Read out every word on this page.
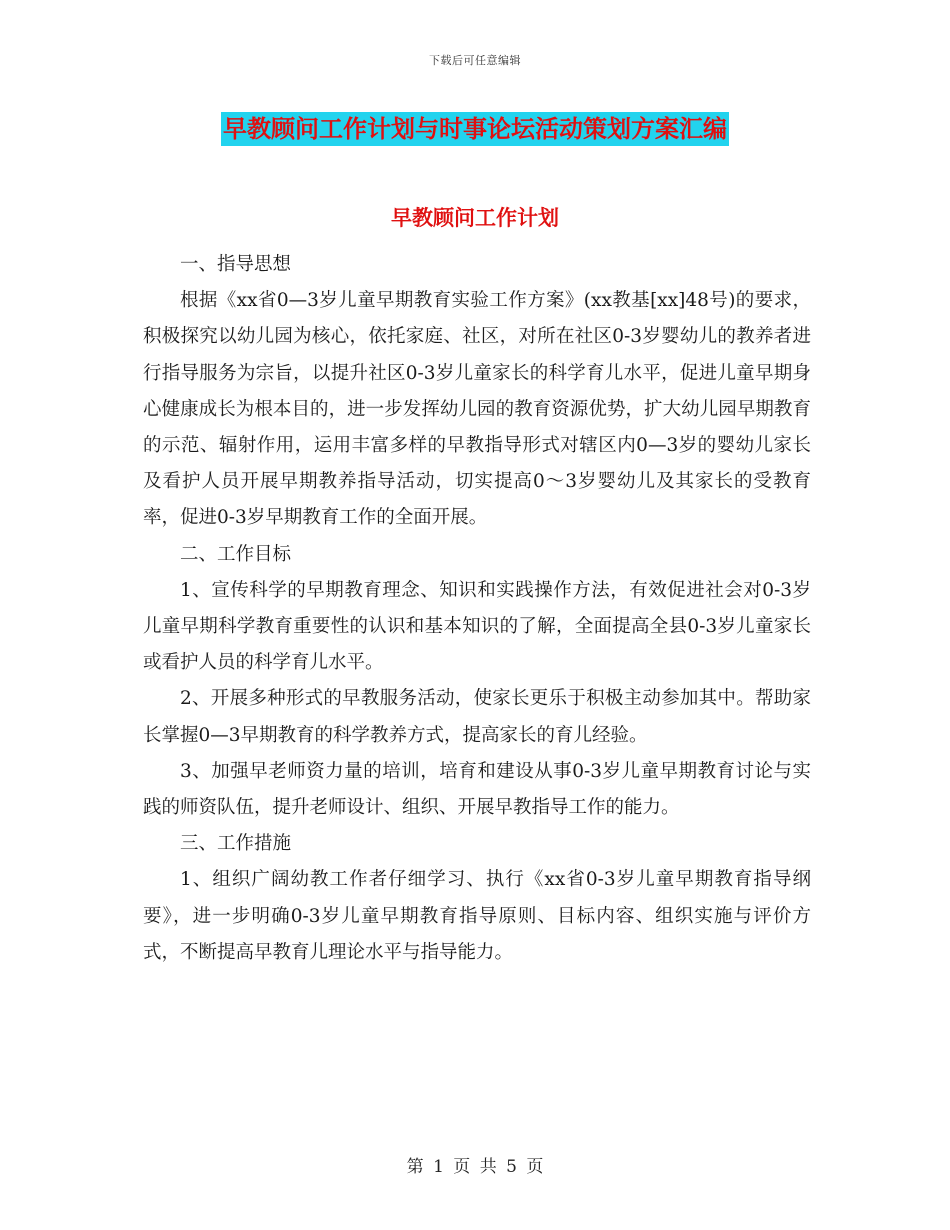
下载后可任意编辑
早教顾问工作计划与时事论坛活动策划方案汇编
早教顾问工作计划

一、指导思想

根据《xx省0—3岁儿童早期教育实验工作方案》(xx教基[xx]48号)的要求，积极探究以幼儿园为核心，依托家庭、社区，对所在社区0-3岁婴幼儿的教养者进行指导服务为宗旨，以提升社区0-3岁儿童家长的科学育儿水平，促进儿童早期身心健康成长为根本目的，进一步发挥幼儿园的教育资源优势，扩大幼儿园早期教育的示范、辐射作用，运用丰富多样的早教指导形式对辖区内0—3岁的婴幼儿家长及看护人员开展早期教养指导活动，切实提高0～3岁婴幼儿及其家长的受教育率，促进0-3岁早期教育工作的全面开展。

二、工作目标

1、宣传科学的早期教育理念、知识和实践操作方法，有效促进社会对0-3岁儿童早期科学教育重要性的认识和基本知识的了解，全面提高全县0-3岁儿童家长或看护人员的科学育儿水平。

2、开展多种形式的早教服务活动，使家长更乐于积极主动参加其中。帮助家长掌握0—3早期教育的科学教养方式，提高家长的育儿经验。

3、加强早老师资力量的培训，培育和建设从事0-3岁儿童早期教育讨论与实践的师资队伍，提升老师设计、组织、开展早教指导工作的能力。

三、工作措施

1、组织广阔幼教工作者仔细学习、执行《xx省0-3岁儿童早期教育指导纲要》，进一步明确0-3岁儿童早期教育指导原则、目标内容、组织实施与评价方式，不断提高早教育儿理论水平与指导能力。

第 1 页 共 5 页
